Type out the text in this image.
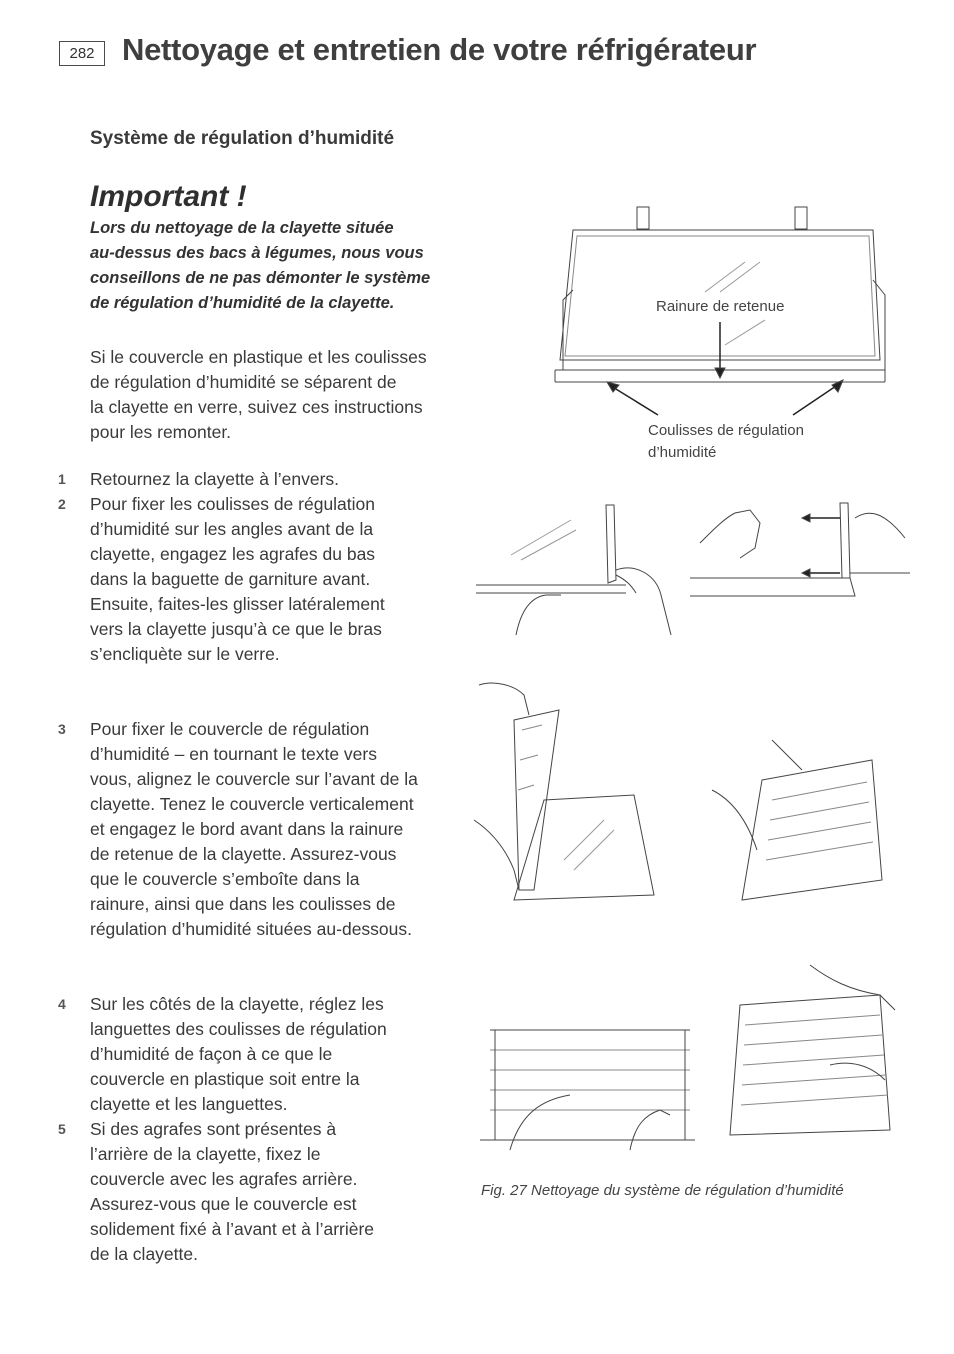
282 Nettoyage et entretien de votre réfrigérateur
Système de régulation d’humidité
Important !
Lors du nettoyage de la clayette située
au-dessus des bacs à légumes, nous vous
conseillons de ne pas démonter le système
de régulation d’humidité de la clayette.
Si le couvercle en plastique et les coulisses
de régulation d’humidité se séparent de
la clayette en verre, suivez ces instructions
pour les remonter.
1 Retournez la clayette à l’envers.
2 Pour fixer les coulisses de régulation
d’humidité sur les angles avant de la
clayette, engagez les agrafes du bas
dans la baguette de garniture avant.
Ensuite, faites-les glisser latéralement
vers la clayette jusqu’à ce que le bras
s’encliquète sur le verre.
3 Pour fixer le couvercle de régulation
d’humidité – en tournant le texte vers
vous, alignez le couvercle sur l’avant de la
clayette. Tenez le couvercle verticalement
et engagez le bord avant dans la rainure
de retenue de la clayette. Assurez-vous
que le couvercle s’emboîte dans la
rainure, ainsi que dans les coulisses de
régulation d’humidité situées au-dessous.
4 Sur les côtés de la clayette, réglez les
languettes des coulisses de régulation
d’humidité de façon à ce que le
couvercle en plastique soit entre la
clayette et les languettes.
5 Si des agrafes sont présentes à
l’arrière de la clayette, fixez le
couvercle avec les agrafes arrière.
Assurez-vous que le couvercle est
solidement fixé à l’avant et à l’arrière
de la clayette.
Rainure de retenue
Coulisses de régulation
d’humidité
Fig. 27 Nettoyage du système de régulation d’humidité
